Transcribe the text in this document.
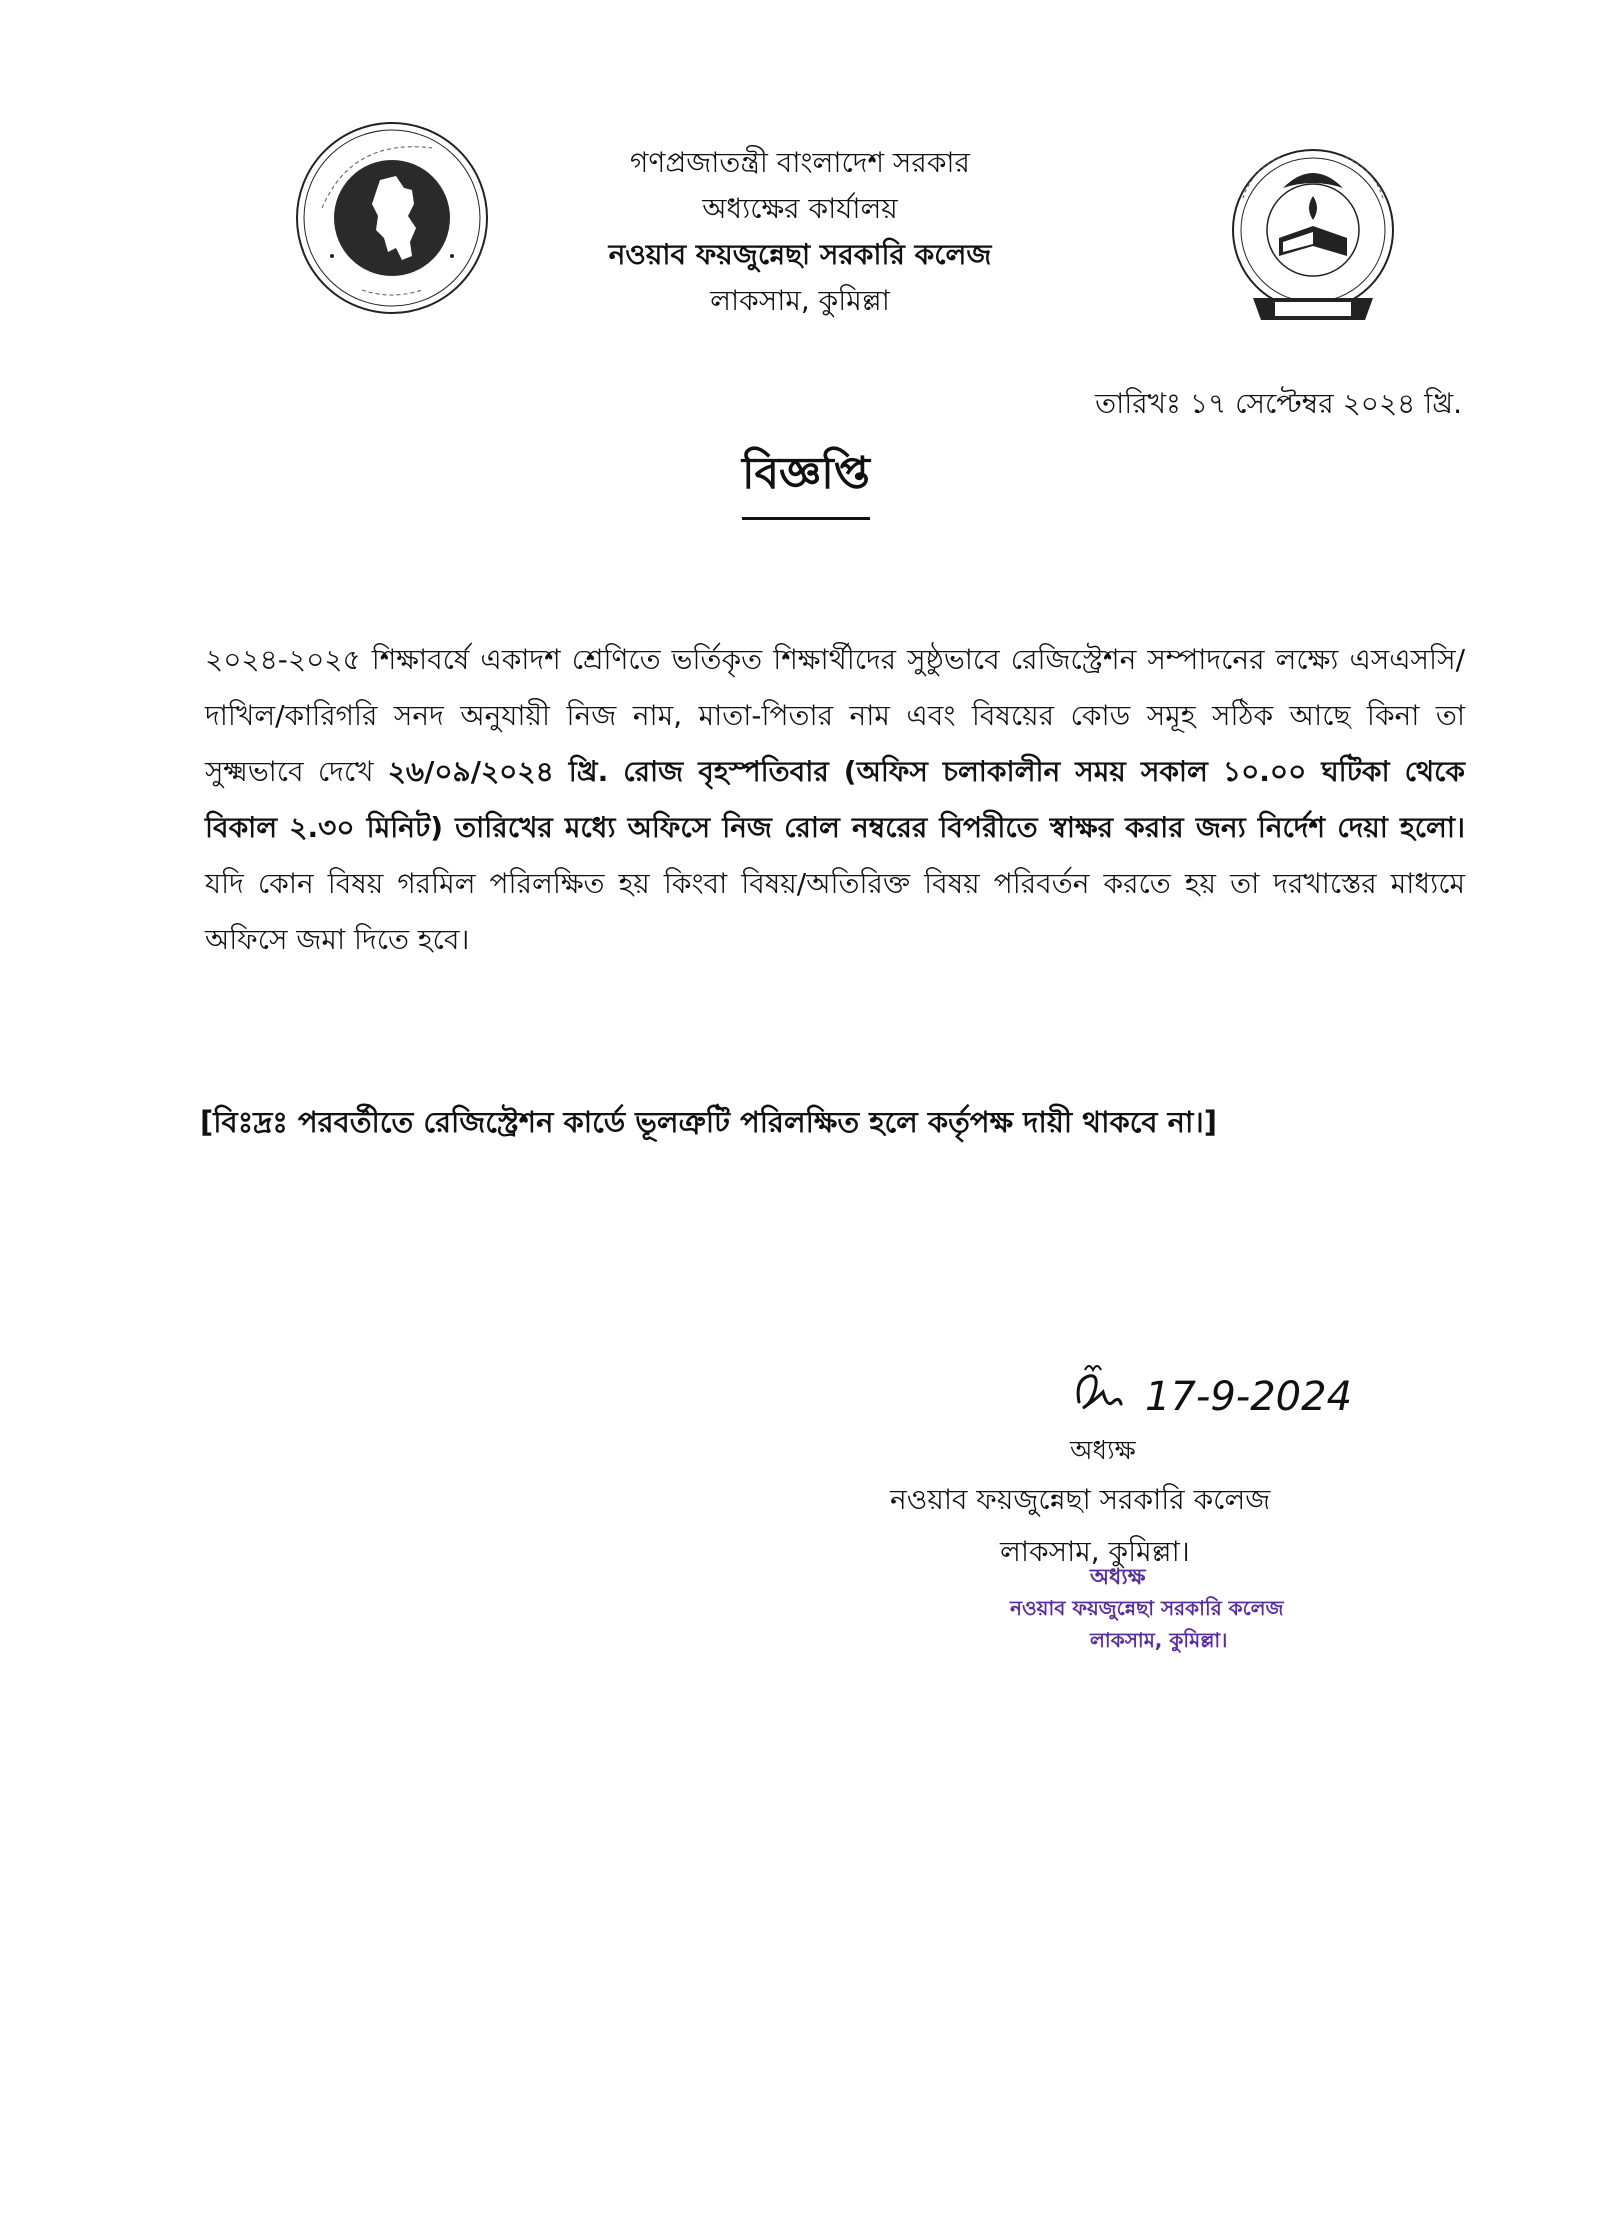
গণপ্রজাতন্ত্রী বাংলাদেশ সরকার
অধ্যক্ষের কার্যালয়
নওয়াব ফয়জুন্নেছা সরকারি কলেজ
লাকসাম, কুমিল্লা
তারিখঃ ১৭ সেপ্টেম্বর ২০২৪ খ্রি.
বিজ্ঞপ্তি
২০২৪-২০২৫ শিক্ষাবর্ষে একাদশ শ্রেণিতে ভর্তিকৃত শিক্ষার্থীদের সুষ্ঠুভাবে রেজিস্ট্রেশন সম্পাদনের লক্ষ্যে এসএসসি/দাখিল/কারিগরি সনদ অনুযায়ী নিজ নাম, মাতা-পিতার নাম এবং বিষয়ের কোড সমূহ সঠিক আছে কিনা তা সুক্ষ্মভাবে দেখে ২৬/০৯/২০২৪ খ্রি. রোজ বৃহস্পতিবার (অফিস চলাকালীন সময় সকাল ১০.০০ ঘটিকা থেকে বিকাল ২.৩০ মিনিট) তারিখের মধ্যে অফিসে নিজ রোল নম্বরের বিপরীতে স্বাক্ষর করার জন্য নির্দেশ দেয়া হলো। যদি কোন বিষয় গরমিল পরিলক্ষিত হয় কিংবা বিষয়/অতিরিক্ত বিষয় পরিবর্তন করতে হয় তা দরখাস্তের মাধ্যমে অফিসে জমা দিতে হবে।
[বিঃদ্রঃ পরবর্তীতে রেজিস্ট্রেশন কার্ডে ভূলত্রুটি পরিলক্ষিত হলে কর্তৃপক্ষ দায়ী থাকবে না।]
17-9-2024
অধ্যক্ষ
নওয়াব ফয়জুন্নেছা সরকারি কলেজ
লাকসাম, কুমিল্লা।
অধ্যক্ষ
নওয়াব ফয়জুন্নেছা সরকারি কলেজ
লাকসাম, কুমিল্লা।
